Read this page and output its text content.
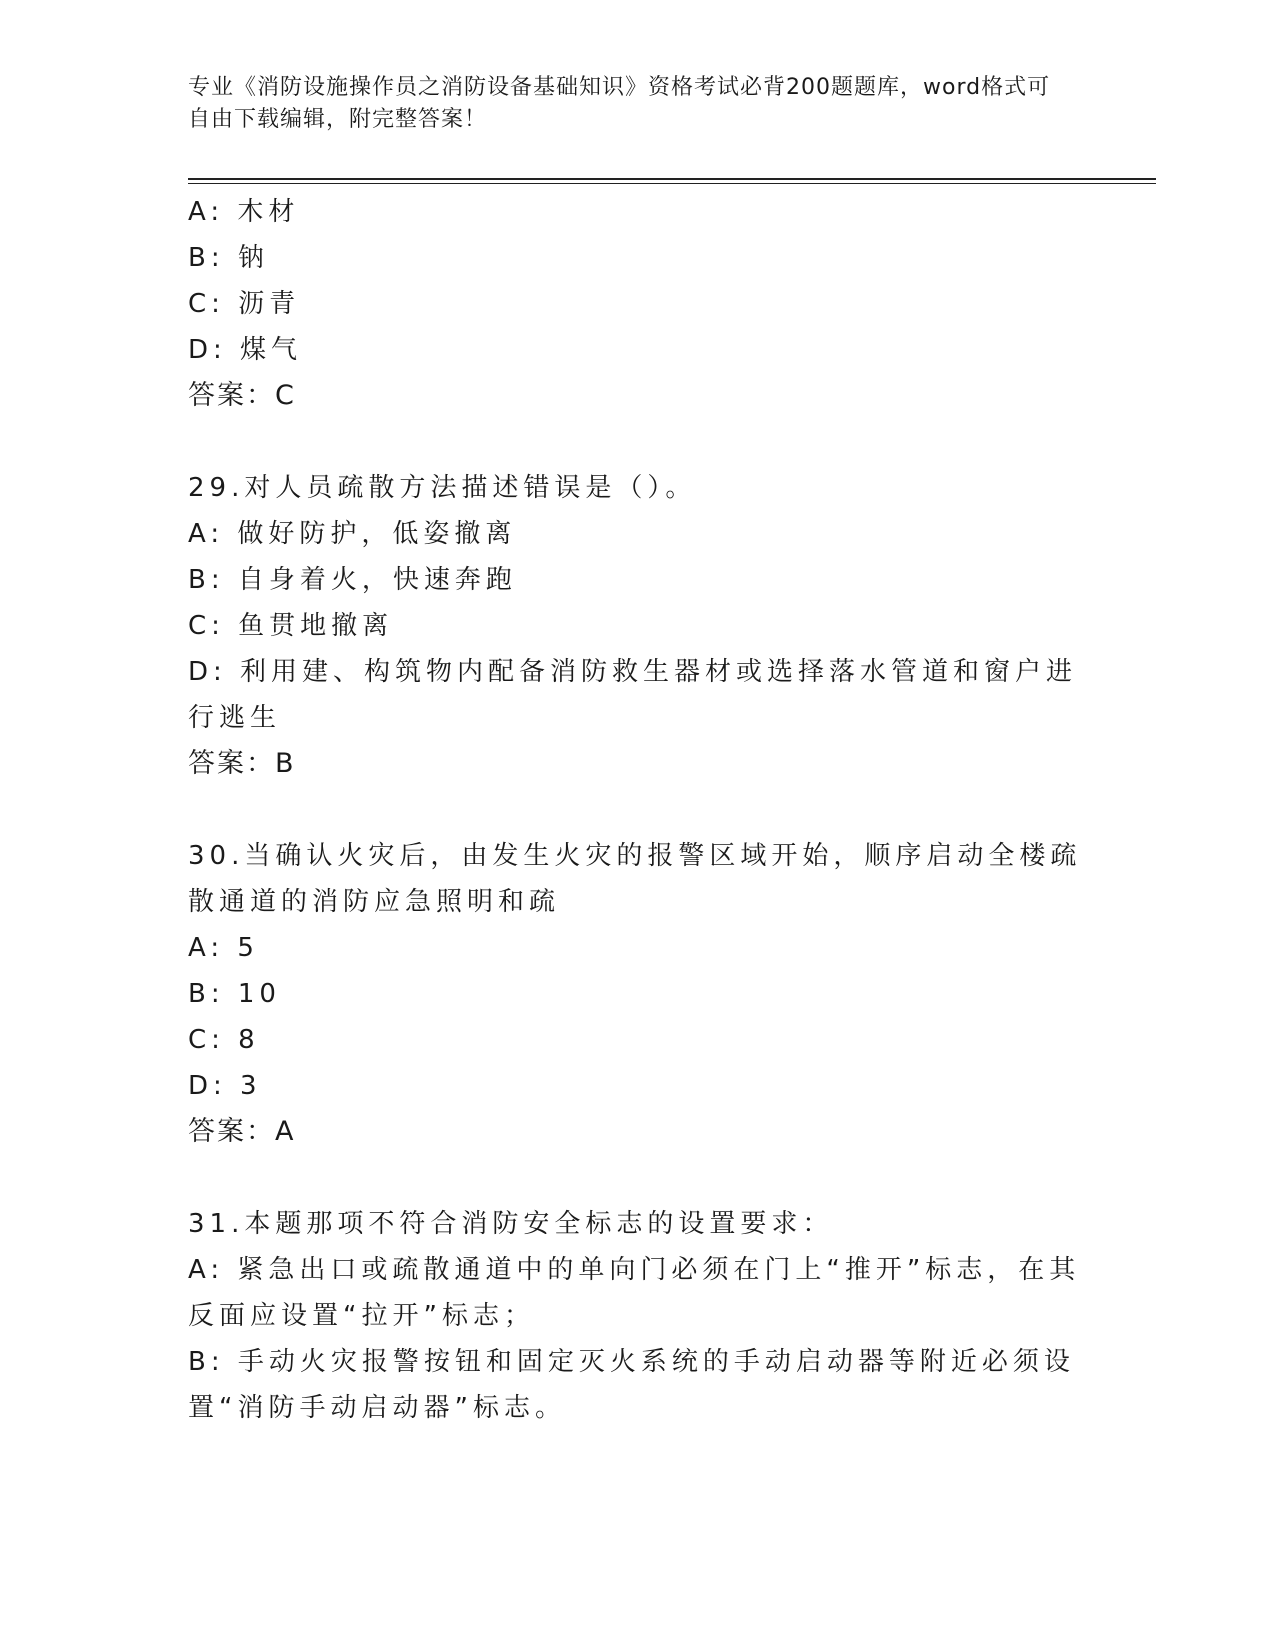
专业《消防设施操作员之消防设备基础知识》资格考试必背200题题库，word格式可自由下载编辑，附完整答案！
A: 木材
B: 钠
C: 沥青
D: 煤气
答案：C
29.对人员疏散方法描述错误是（）。
A: 做好防护，低姿撤离
B: 自身着火，快速奔跑
C: 鱼贯地撤离
D: 利用建、构筑物内配备消防救生器材或选择落水管道和窗户进行逃生
答案：B
30.当确认火灾后，由发生火灾的报警区域开始，顺序启动全楼疏散通道的消防应急照明和疏
A: 5
B: 10
C: 8
D: 3
答案：A
31.本题那项不符合消防安全标志的设置要求：
A: 紧急出口或疏散通道中的单向门必须在门上“推开”标志，在其反面应设置“拉开”标志；
B: 手动火灾报警按钮和固定灭火系统的手动启动器等附近必须设置“消防手动启动器”标志。
